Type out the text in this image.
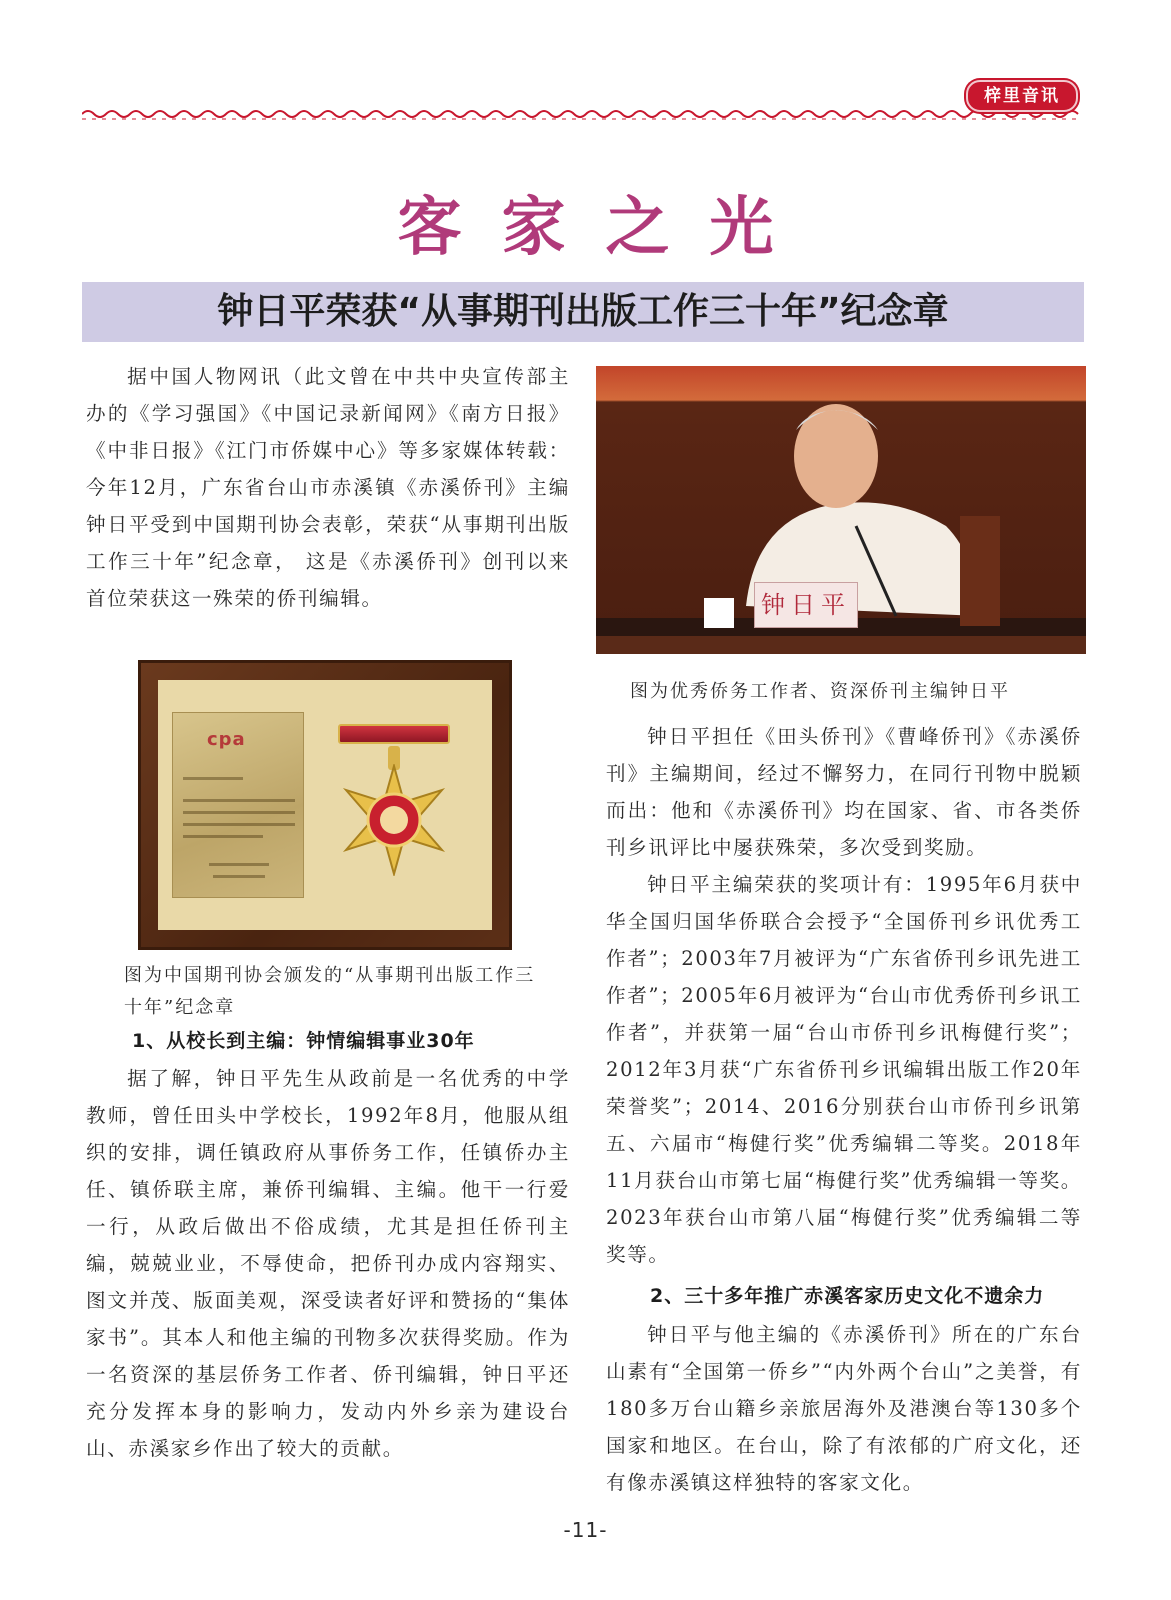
梓里音讯
客家之光
钟日平荣获“从事期刊出版工作三十年”纪念章

据中国人物网讯（此文曾在中共中央宣传部主办的《学习强国》《中国记录新闻网》《南方日报》《中非日报》《江门市侨媒中心》等多家媒体转载：今年12月，广东省台山市赤溪镇《赤溪侨刊》主编钟日平受到中国期刊协会表彰，荣获“从事期刊出版工作三十年”纪念章， 这是《赤溪侨刊》创刊以来首位荣获这一殊荣的侨刊编辑。

cpa
图为中国期刊协会颁发的“从事期刊出版工作三十年”纪念章
1、从校长到主编：钟情编辑事业30年

据了解，钟日平先生从政前是一名优秀的中学教师，曾任田头中学校长，1992年8月，他服从组织的安排，调任镇政府从事侨务工作，任镇侨办主任、镇侨联主席，兼侨刊编辑、主编。他干一行爱一行，从政后做出不俗成绩，尤其是担任侨刊主编，兢兢业业，不辱使命，把侨刊办成内容翔实、图文并茂、版面美观，深受读者好评和赞扬的“集体家书”。其本人和他主编的刊物多次获得奖励。作为一名资深的基层侨务工作者、侨刊编辑，钟日平还充分发挥本身的影响力，发动内外乡亲为建设台山、赤溪家乡作出了较大的贡献。

钟日平
图为优秀侨务工作者、资深侨刊主编钟日平

钟日平担任《田头侨刊》《曹峰侨刊》《赤溪侨刊》主编期间，经过不懈努力，在同行刊物中脱颖而出：他和《赤溪侨刊》均在国家、省、市各类侨刊乡讯评比中屡获殊荣，多次受到奖励。

钟日平主编荣获的奖项计有：1995年6月获中华全国归国华侨联合会授予“全国侨刊乡讯优秀工作者”；2003年7月被评为“广东省侨刊乡讯先进工作者”；2005年6月被评为“台山市优秀侨刊乡讯工作者”，并获第一届“台山市侨刊乡讯梅健行奖”；2012年3月获“广东省侨刊乡讯编辑出版工作20年荣誉奖”；2014、2016分别获台山市侨刊乡讯第五、六届市“梅健行奖”优秀编辑二等奖。2018年11月获台山市第七届“梅健行奖”优秀编辑一等奖。2023年获台山市第八届“梅健行奖”优秀编辑二等奖等。

2、三十多年推广赤溪客家历史文化不遗余力

钟日平与他主编的《赤溪侨刊》所在的广东台山素有“全国第一侨乡”“内外两个台山”之美誉，有180多万台山籍乡亲旅居海外及港澳台等130多个国家和地区。在台山，除了有浓郁的广府文化，还有像赤溪镇这样独特的客家文化。

-11-
